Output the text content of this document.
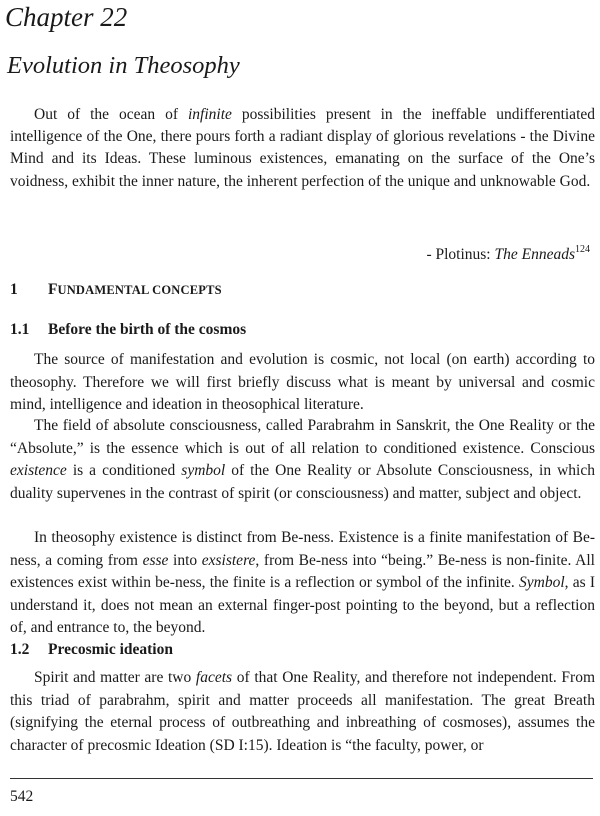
Chapter 22
Evolution in Theosophy

Out of the ocean of infinite possibilities present in the ineffable undifferentiated intelligence of the One, there pours forth a radiant display of glorious revelations - the Divine Mind and its Ideas. These luminous existences, emanating on the surface of the One’s voidness, exhibit the inner nature, the inherent perfection of the unique and unknowable God.

- Plotinus: The Enneads$^{124}$

1 FUNDAMENTAL CONCEPTS
1.1 Before the birth of the cosmos

The source of manifestation and evolution is cosmic, not local (on earth) according to theosophy. Therefore we will first briefly discuss what is meant by universal and cosmic mind, intelligence and ideation in theosophical literature.

The field of absolute consciousness, called Parabrahm in Sanskrit, the One Reality or the “Absolute,” is the essence which is out of all relation to conditioned existence. Conscious existence is a conditioned symbol of the One Reality or Absolute Consciousness, in which duality supervenes in the contrast of spirit (or consciousness) and matter, subject and object.

In theosophy existence is distinct from Be-ness. Existence is a finite manifestation of Be-ness, a coming from esse into exsistere, from Be-ness into “being.” Be-ness is non-finite. All existences exist within be-ness, the finite is a reflection or symbol of the infinite. Symbol, as I understand it, does not mean an external finger-post pointing to the beyond, but a reflection of, and entrance to, the beyond.

1.2 Precosmic ideation

Spirit and matter are two facets of that One Reality, and therefore not independent. From this triad of parabrahm, spirit and matter proceeds all manifestation. The great Breath (signifying the eternal process of outbreathing and inbreathing of cosmoses), assumes the character of precosmic Ideation (SD I:15). Ideation is “the faculty, power, or

542
